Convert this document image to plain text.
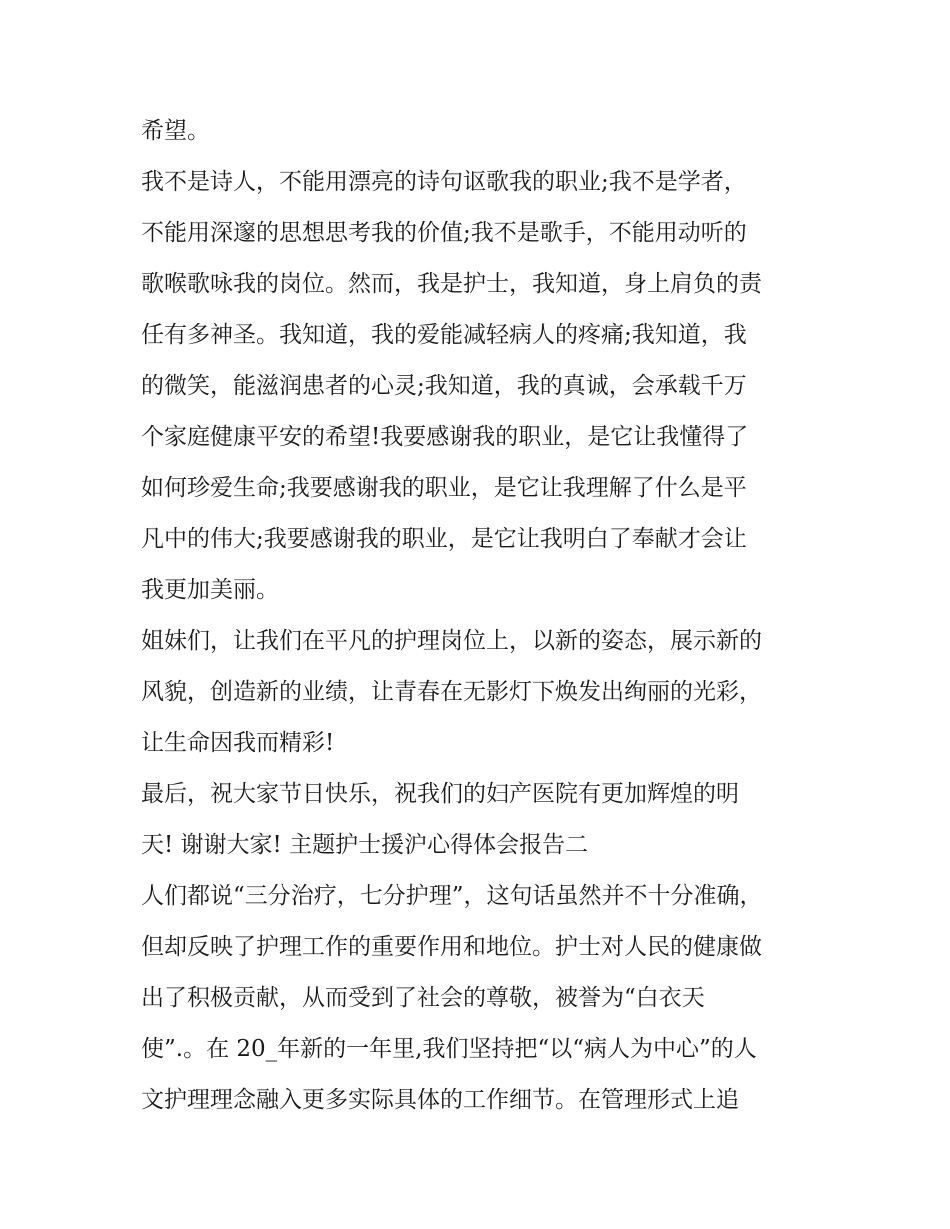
希望。
我不是诗人，不能用漂亮的诗句讴歌我的职业;我不是学者，
不能用深邃的思想思考我的价值;我不是歌手，不能用动听的
歌喉歌咏我的岗位。然而，我是护士，我知道，身上肩负的责
任有多神圣。我知道，我的爱能减轻病人的疼痛;我知道，我
的微笑，能滋润患者的心灵;我知道，我的真诚，会承载千万
个家庭健康平安的希望!我要感谢我的职业，是它让我懂得了
如何珍爱生命;我要感谢我的职业，是它让我理解了什么是平
凡中的伟大;我要感谢我的职业，是它让我明白了奉献才会让
我更加美丽。
姐妹们，让我们在平凡的护理岗位上，以新的姿态，展示新的
风貌，创造新的业绩，让青春在无影灯下焕发出绚丽的光彩，
让生命因我而精彩!
最后，祝大家节日快乐，祝我们的妇产医院有更加辉煌的明
天! 谢谢大家! 主题护士援沪心得体会报告二
人们都说“三分治疗，七分护理”，这句话虽然并不十分准确，
但却反映了护理工作的重要作用和地位。护士对人民的健康做
出了积极贡献，从而受到了社会的尊敬，被誉为“白衣天
使”.。在 20_年新的一年里,我们坚持把“以“病人为中心”的人
文护理理念融入更多实际具体的工作细节。在管理形式上追
